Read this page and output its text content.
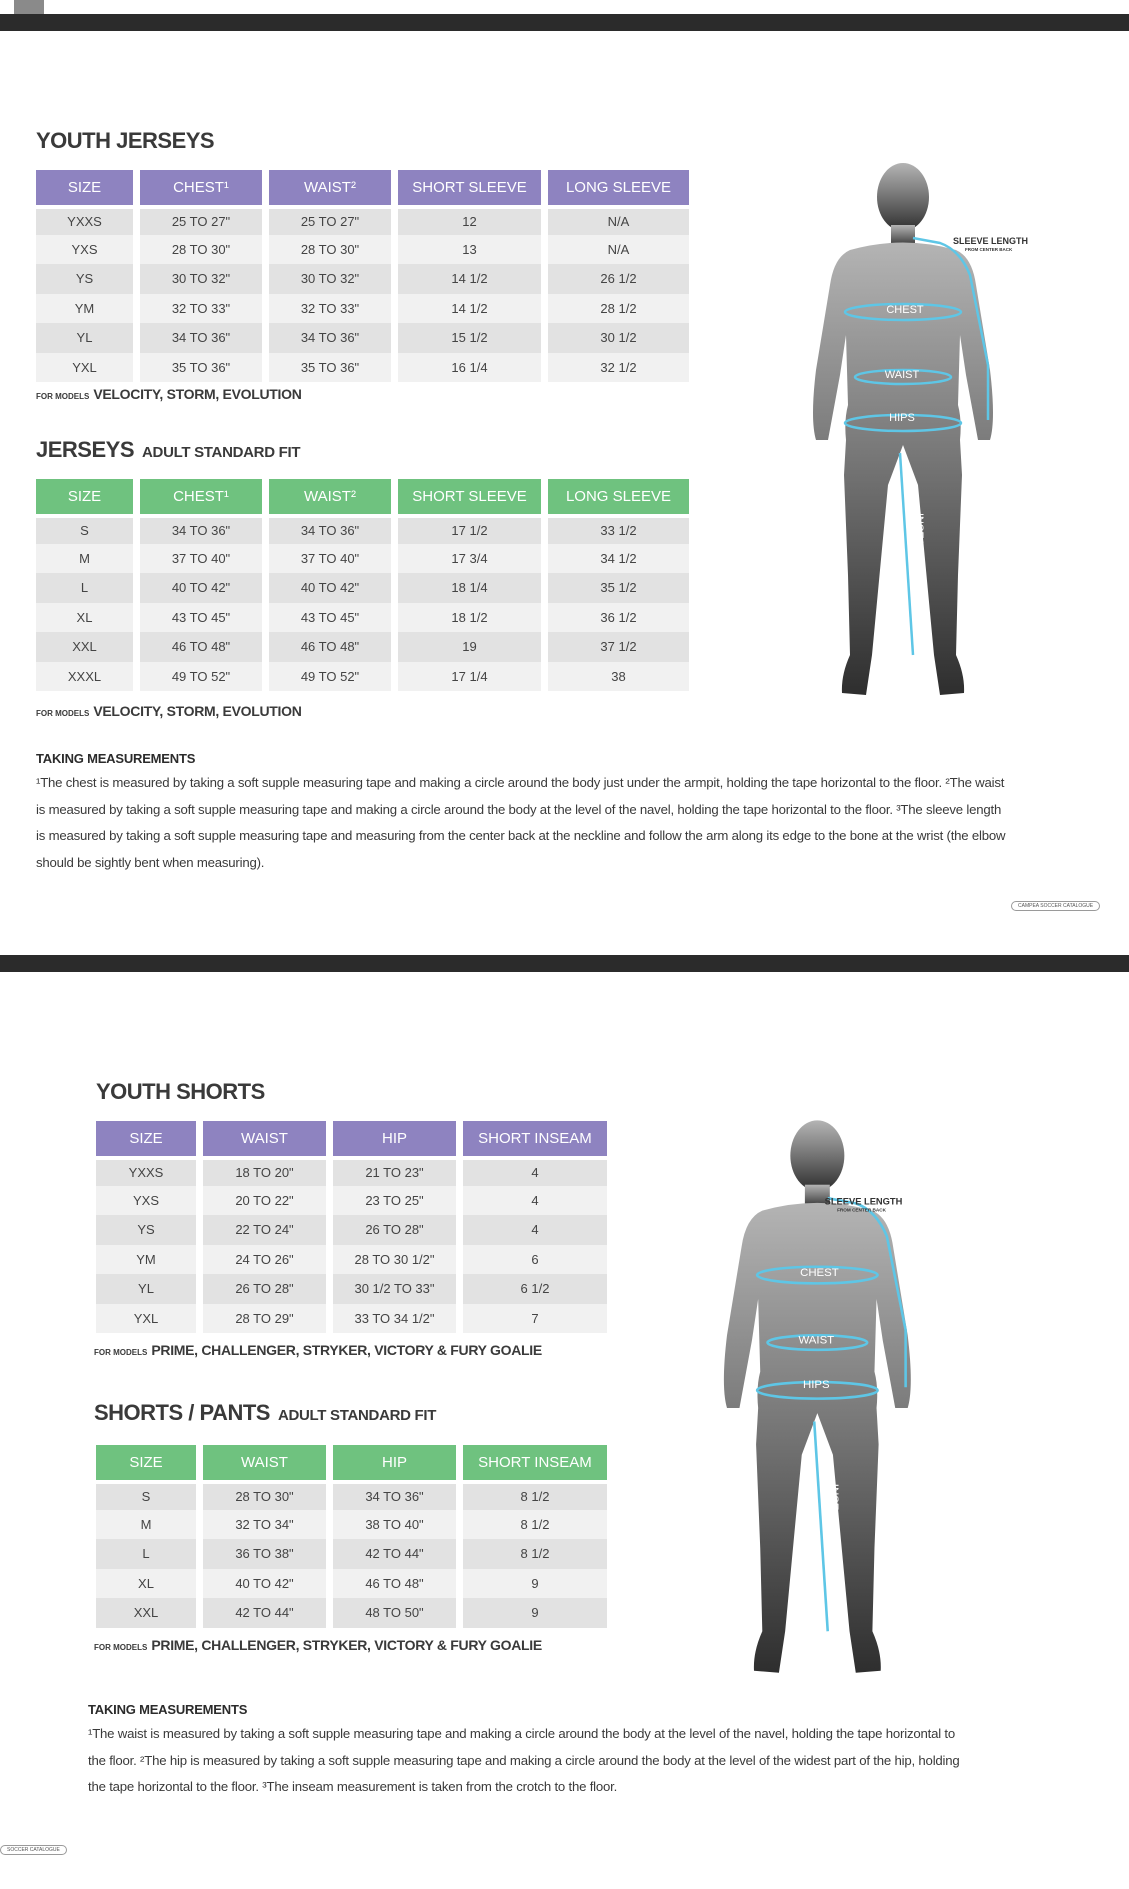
YOUTH JERSEYS
SIZE	CHEST¹	WAIST²	SHORT SLEEVE	LONG SLEEVE
YXXS	25 TO 27"	25 TO 27"	12	N/A
YXS	28 TO 30"	28 TO 30"	13	N/A
YS	30 TO 32"	30 TO 32"	14 1/2	26 1/2
YM	32 TO 33"	32 TO 33"	14 1/2	28 1/2
YL	34 TO 36"	34 TO 36"	15 1/2	30 1/2
YXL	35 TO 36"	35 TO 36"	16 1/4	32 1/2
FOR MODELS VELOCITY, STORM, EVOLUTION
JERSEYS ADULT STANDARD FIT
SIZE	CHEST¹	WAIST²	SHORT SLEEVE	LONG SLEEVE
S	34 TO 36"	34 TO 36"	17 1/2	33 1/2
M	37 TO 40"	37 TO 40"	17 3/4	34 1/2
L	40 TO 42"	40 TO 42"	18 1/4	35 1/2
XL	43 TO 45"	43 TO 45"	18 1/2	36 1/2
XXL	46 TO 48"	46 TO 48"	19	37 1/2
XXXL	49 TO 52"	49 TO 52"	17 1/4	38
FOR MODELS VELOCITY, STORM, EVOLUTION
CHEST
WAIST
HIPS
INSEAM
SLEEVE LENGTH
FROM CENTER BACK
TAKING MEASUREMENTS
¹The chest is measured by taking a soft supple measuring tape and making a circle around the body just under the armpit, holding the tape horizontal to the floor. ²The waist
is measured by taking a soft supple measuring tape and making a circle around the body at the level of the navel, holding the tape horizontal to the floor. ³The sleeve length
is measured by taking a soft supple measuring tape and measuring from the center back at the neckline and follow the arm along its edge to the bone at the wrist (the elbow
should be sightly bent when measuring).
CAMPEA SOCCER CATALOGUE
YOUTH SHORTS
SIZE	WAIST	HIP	SHORT INSEAM
YXXS	18 TO 20"	21 TO 23"	4
YXS	20 TO 22"	23 TO 25"	4
YS	22 TO 24"	26 TO 28"	4
YM	24 TO 26"	28 TO 30 1/2"	6
YL	26 TO 28"	30 1/2 TO 33"	6 1/2
YXL	28 TO 29"	33 TO 34 1/2"	7
FOR MODELS PRIME, CHALLENGER, STRYKER, VICTORY & FURY GOALIE
SHORTS / PANTS ADULT STANDARD FIT
SIZE	WAIST	HIP	SHORT INSEAM
S	28 TO 30"	34 TO 36"	8 1/2
M	32 TO 34"	38 TO 40"	8 1/2
L	36 TO 38"	42 TO 44"	8 1/2
XL	40 TO 42"	46 TO 48"	9
XXL	42 TO 44"	48 TO 50"	9
FOR MODELS PRIME, CHALLENGER, STRYKER, VICTORY & FURY GOALIE
CHEST
WAIST
HIPS
INSEAM
SLEEVE LENGTH
FROM CENTER BACK
TAKING MEASUREMENTS
¹The waist is measured by taking a soft supple measuring tape and making a circle around the body at the level of the navel, holding the tape horizontal to
the floor. ²The hip is measured by taking a soft supple measuring tape and making a circle around the body at the level of the widest part of the hip, holding
the tape horizontal to the floor. ³The inseam measurement is taken from the crotch to the floor.
SOCCER CATALOGUE
